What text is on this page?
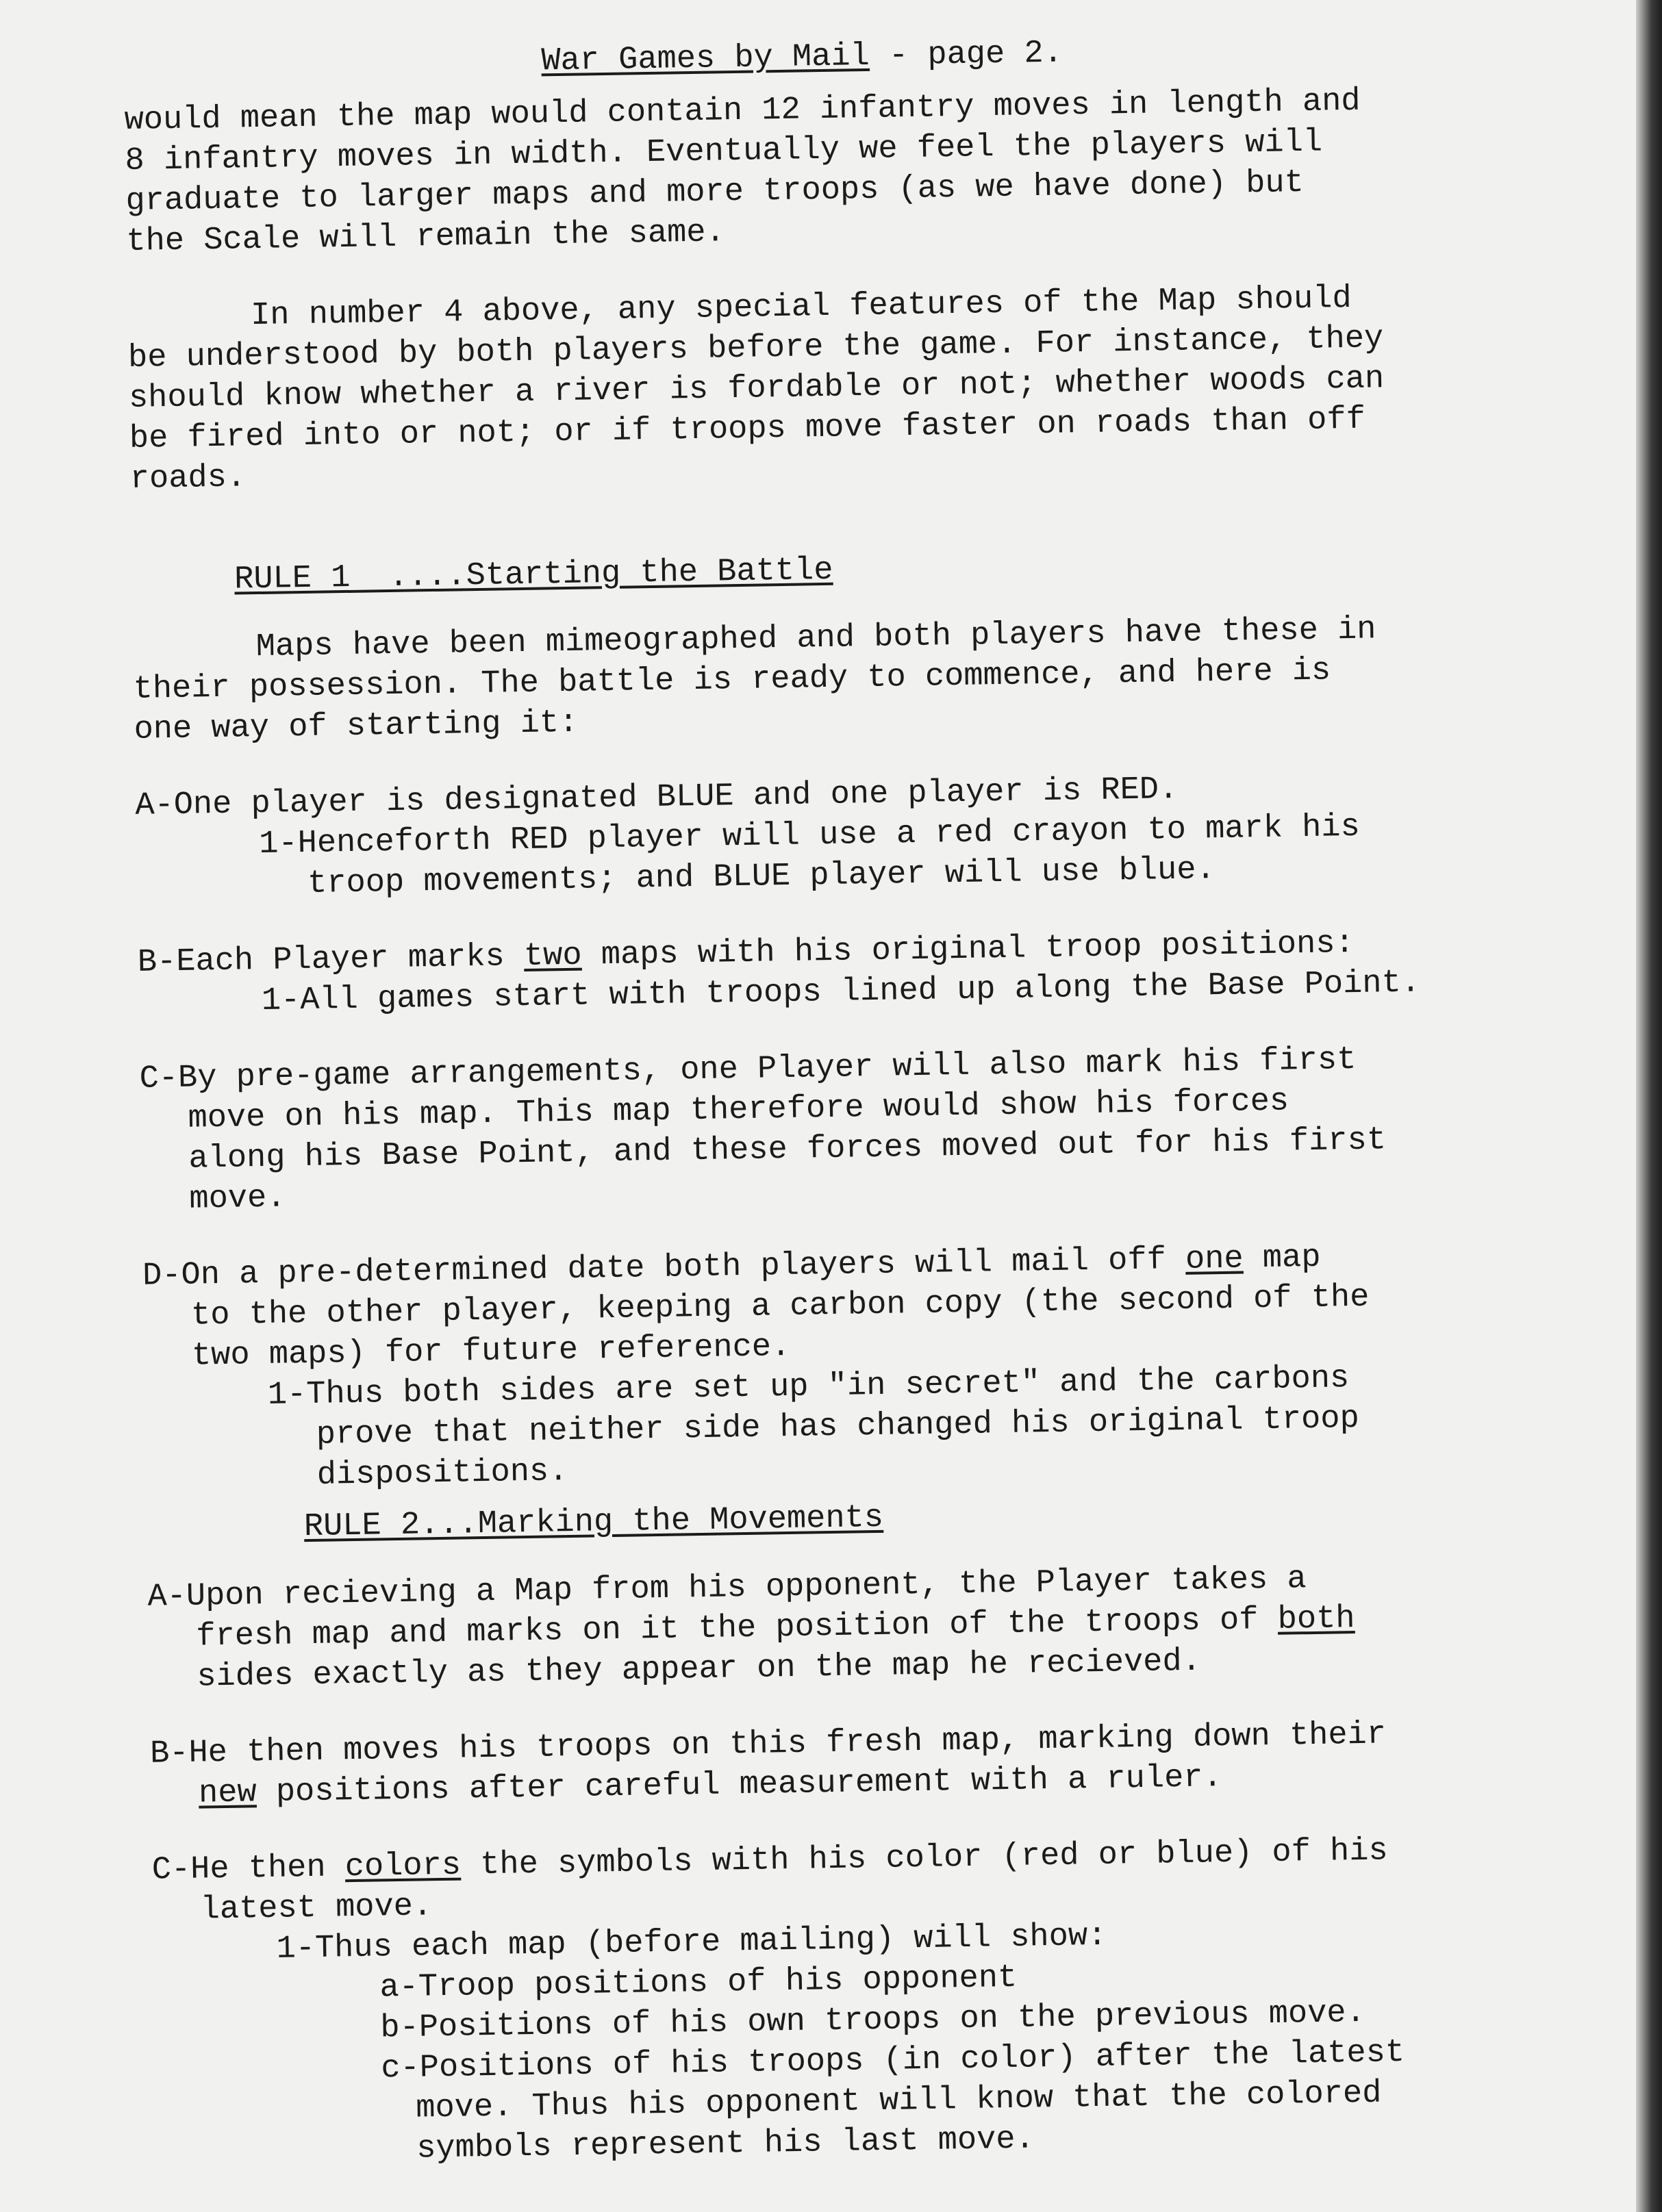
War Games by Mail - page 2.
would mean the map would contain 12 infantry moves in length and
8 infantry moves in width. Eventually we feel the players will
graduate to larger maps and more troops (as we have done) but
the Scale will remain the same.
In number 4 above, any special features of the Map should
be understood by both players before the game. For instance, they
should know whether a river is fordable or not; whether woods can
be fired into or not; or if troops move faster on roads than off
roads.
RULE 1  ....Starting the Battle
Maps have been mimeographed and both players have these in
their possession. The battle is ready to commence, and here is
one way of starting it:
A-One player is designated BLUE and one player is RED.
1-Henceforth RED player will use a red crayon to mark his
troop movements; and BLUE player will use blue.
B-Each Player marks two maps with his original troop positions:
1-All games start with troops lined up along the Base Point.
C-By pre-game arrangements, one Player will also mark his first
move on his map. This map therefore would show his forces
along his Base Point, and these forces moved out for his first
move.
D-On a pre-determined date both players will mail off one map
to the other player, keeping a carbon copy (the second of the
two maps) for future reference.
1-Thus both sides are set up "in secret" and the carbons
prove that neither side has changed his original troop
dispositions.
RULE 2...Marking the Movements
A-Upon recieving a Map from his opponent, the Player takes a
fresh map and marks on it the position of the troops of both
sides exactly as they appear on the map he recieved.
B-He then moves his troops on this fresh map, marking down their
new positions after careful measurement with a ruler.
C-He then colors the symbols with his color (red or blue) of his
latest move.
1-Thus each map (before mailing) will show:
a-Troop positions of his opponent
b-Positions of his own troops on the previous move.
c-Positions of his troops (in color) after the latest
move. Thus his opponent will know that the colored
symbols represent his last move.
